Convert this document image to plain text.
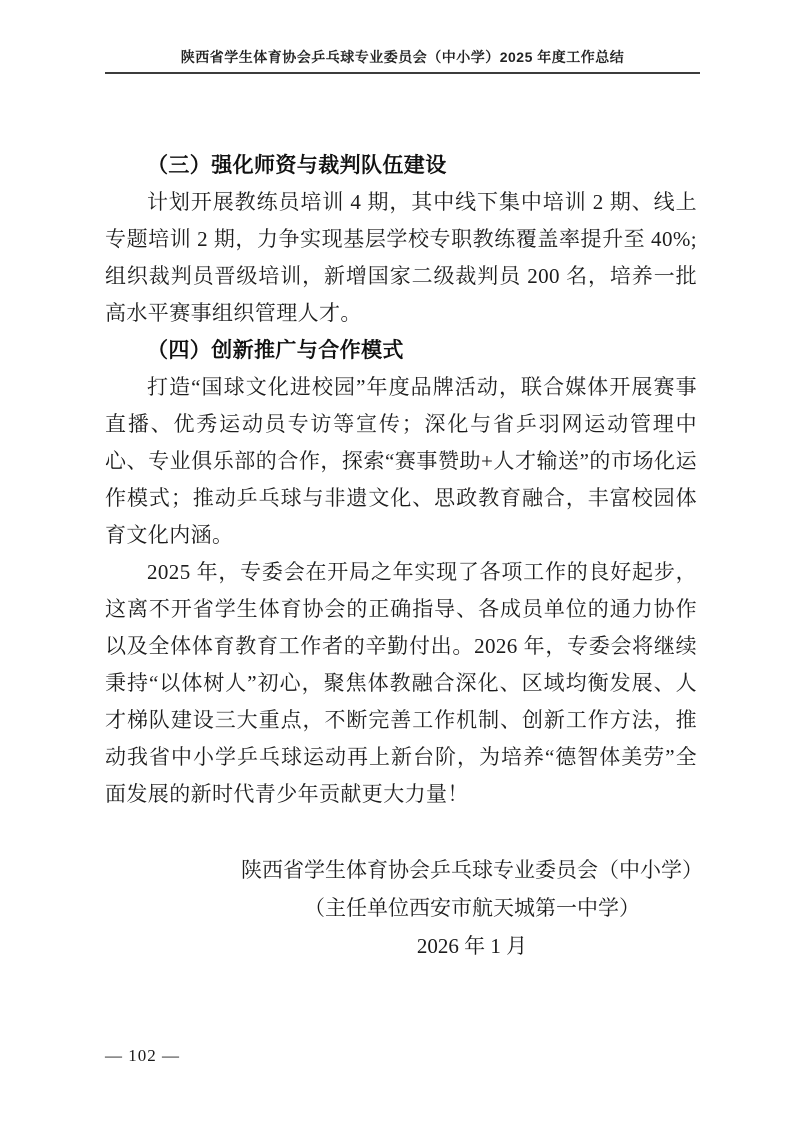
陕西省学生体育协会乒乓球专业委员会（中小学）2025 年度工作总结

（三）强化师资与裁判队伍建设

计划开展教练员培训 4 期，其中线下集中培训 2 期、线上专题培训 2 期，力争实现基层学校专职教练覆盖率提升至 40%; 组织裁判员晋级培训，新增国家二级裁判员 200 名，培养一批高水平赛事组织管理人才。

（四）创新推广与合作模式

打造“国球文化进校园”年度品牌活动，联合媒体开展赛事直播、优秀运动员专访等宣传；深化与省乒羽网运动管理中心、专业俱乐部的合作，探索“赛事赞助+人才输送”的市场化运作模式；推动乒乓球与非遗文化、思政教育融合，丰富校园体育文化内涵。

2025 年，专委会在开局之年实现了各项工作的良好起步，这离不开省学生体育协会的正确指导、各成员单位的通力协作以及全体体育教育工作者的辛勤付出。2026 年，专委会将继续秉持“以体树人”初心，聚焦体教融合深化、区域均衡发展、人才梯队建设三大重点，不断完善工作机制、创新工作方法，推动我省中小学乒乓球运动再上新台阶，为培养“德智体美劳”全面发展的新时代青少年贡献更大力量！

陕西省学生体育协会乒乓球专业委员会（中小学）
（主任单位西安市航天城第一中学）
2026 年 1 月
— 102 —
